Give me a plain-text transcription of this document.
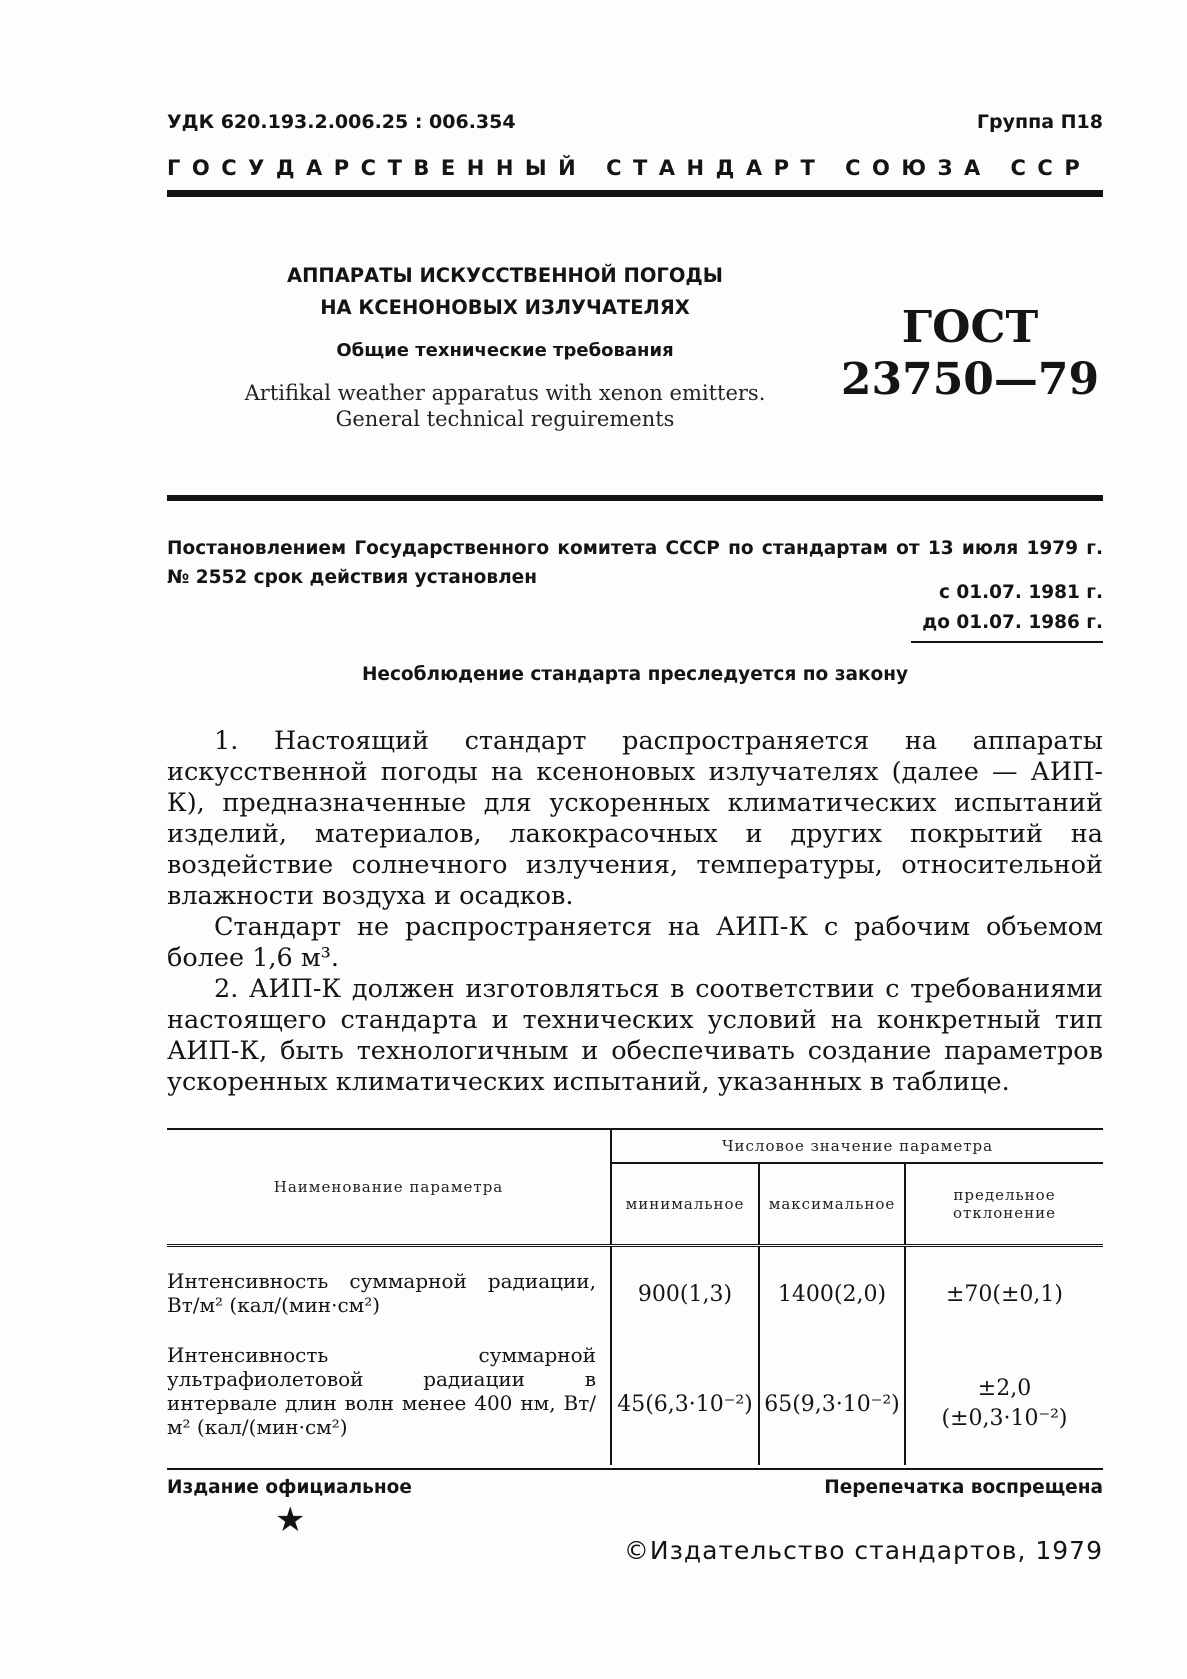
УДК 620.193.2.006.25 : 006.354	Группа П18
ГОСУДАРСТВЕННЫЙ СТАНДАРТ СОЮЗА ССР
АППАРАТЫ ИСКУССТВЕННОЙ ПОГОДЫ
НА КСЕНОНОВЫХ ИЗЛУЧАТЕЛЯХ
Общие технические требования
Artifikal weather apparatus with xenon emitters.
General technical reguirements
ГОСТ
23750—79
Постановлением Государственного комитета СССР по стандартам от 13 июля 1979 г. № 2552 срок действия установлен
с 01.07. 1981 г.
до 01.07. 1986 г.
Несоблюдение стандарта преследуется по закону

1. Настоящий стандарт распространяется на аппараты искусственной погоды на ксеноновых излучателях (далее — АИП-К), предназначенные для ускоренных климатических испытаний изделий, материалов, лакокрасочных и других покрытий на воздействие солнечного излучения, температуры, относительной влажности воздуха и осадков.

Стандарт не распространяется на АИП-К с рабочим объемом более 1,6 м³.

2. АИП-К должен изготовляться в соответствии с требованиями настоящего стандарта и технических условий на конкретный тип АИП-К, быть технологичным и обеспечивать создание параметров ускоренных климатических испытаний, указанных в таблице.

Наименование параметра	Числовое значение параметра		
	минимальное	максимальное	предельное отклонение
Интенсивность суммарной радиации, Вт/м² (кал/(мин·см²)	900(1,3)	1400(2,0)	±70(±0,1)
Интенсивность суммарной ультрафиолетовой радиации в интервале длин волн менее 400 нм, Вт/м² (кал/(мин·см²)	45(6,3·10⁻²)	65(9,3·10⁻²)	±2,0
(±0,3·10⁻²)
Издание официальное	Перепечатка воспрещена
★
©Издательство стандартов, 1979
